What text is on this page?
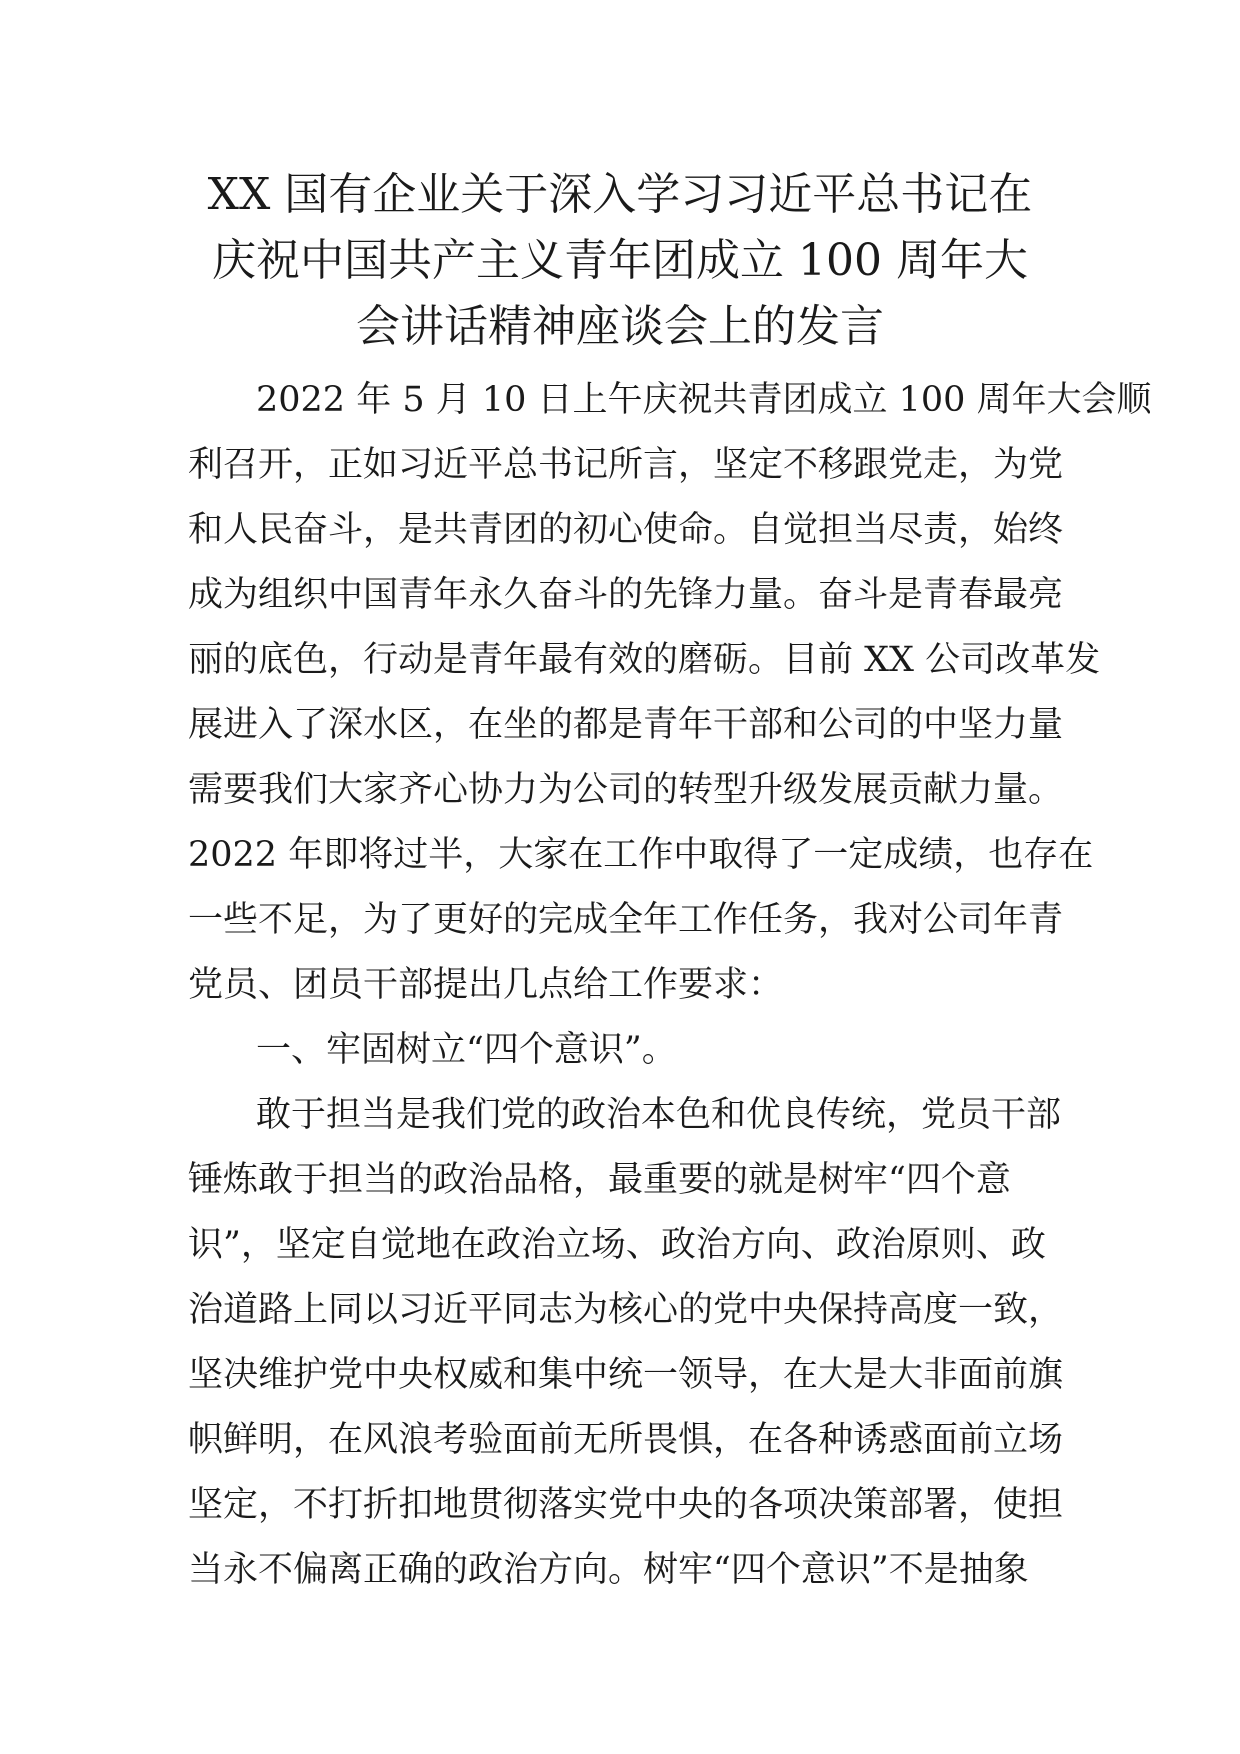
XX 国有企业关于深入学习习近平总书记在
庆祝中国共产主义青年团成立 100 周年大
会讲话精神座谈会上的发言
2022 年 5 月 10 日上午庆祝共青团成立 100 周年大会顺
利召开，正如习近平总书记所言，坚定不移跟党走，为党
和人民奋斗，是共青团的初心使命。自觉担当尽责，始终
成为组织中国青年永久奋斗的先锋力量。奋斗是青春最亮
丽的底色，行动是青年最有效的磨砺。目前 XX 公司改革发
展进入了深水区，在坐的都是青年干部和公司的中坚力量
需要我们大家齐心协力为公司的转型升级发展贡献力量。
2022 年即将过半，大家在工作中取得了一定成绩，也存在
一些不足，为了更好的完成全年工作任务，我对公司年青
党员、团员干部提出几点给工作要求：
一、牢固树立“四个意识”。
敢于担当是我们党的政治本色和优良传统，党员干部
锤炼敢于担当的政治品格，最重要的就是树牢“四个意
识”，坚定自觉地在政治立场、政治方向、政治原则、政
治道路上同以习近平同志为核心的党中央保持高度一致，
坚决维护党中央权威和集中统一领导，在大是大非面前旗
帜鲜明，在风浪考验面前无所畏惧，在各种诱惑面前立场
坚定，不打折扣地贯彻落实党中央的各项决策部署，使担
当永不偏离正确的政治方向。树牢“四个意识”不是抽象
